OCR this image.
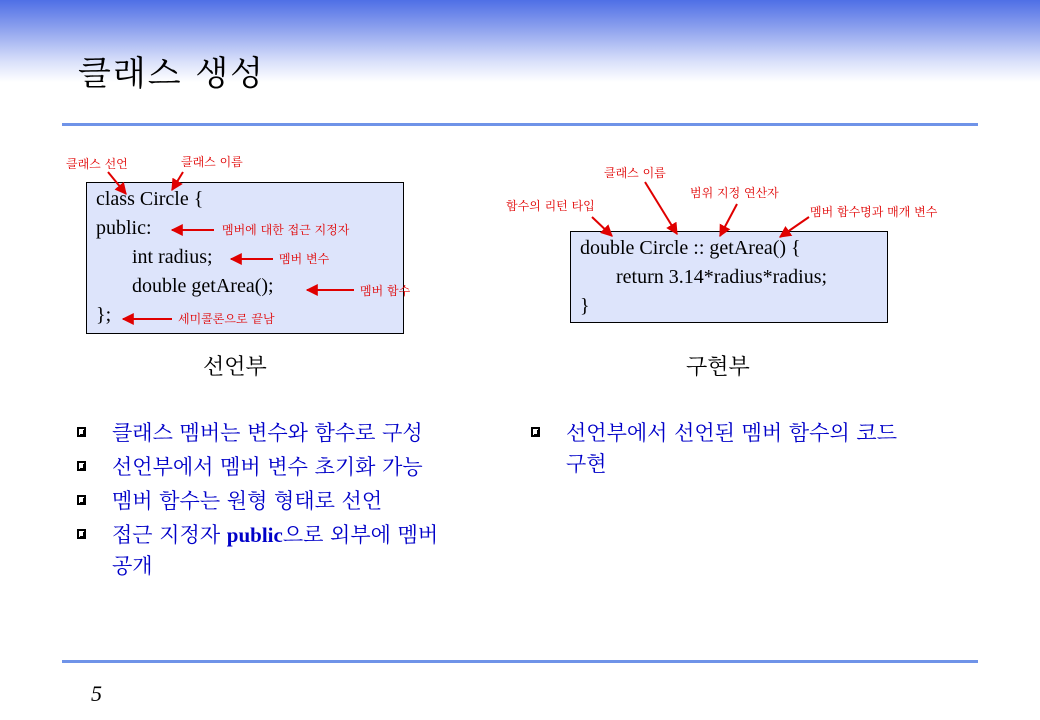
클래스 생성
class Circle {
public:
int radius;
double getArea();
};
double Circle :: getArea() {
return 3.14*radius*radius;
}
클래스 선언	클래스 이름
멤버에 대한 접근 지정자
멤버 변수
멤버 함수
세미콜론으로 끝남
클래스 이름
범위 지정 연산자
함수의 리턴 타입	멤버 함수명과 매개 변수
선언부	구현부
클래스 멤버는 변수와 함수로 구성
선언부에서 멤버 변수 초기화 가능
멤버 함수는 원형 형태로 선언
접근 지정자 public으로 외부에 멤버
공개
선언부에서 선언된 멤버 함수의 코드
구현
5
